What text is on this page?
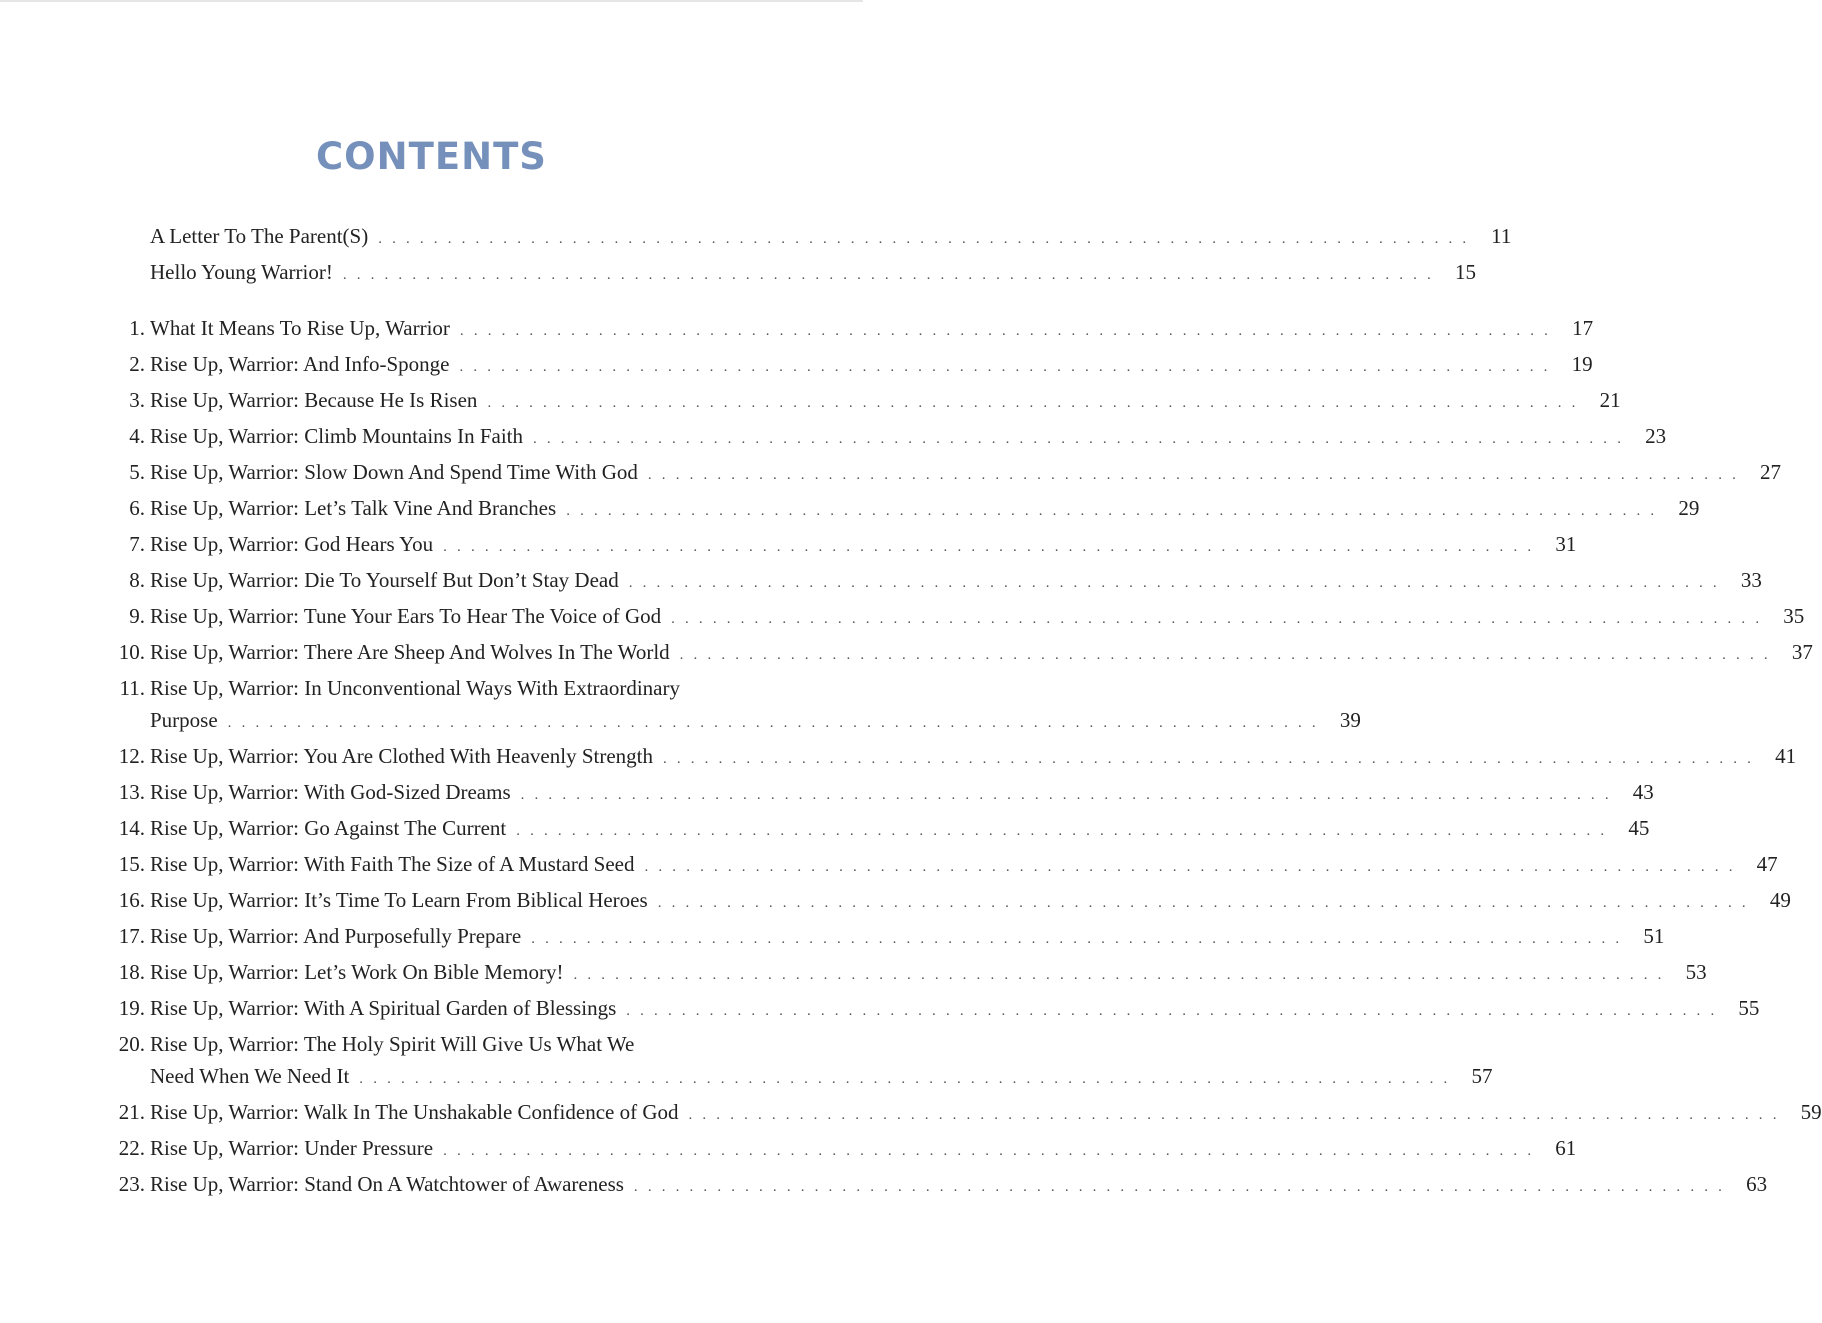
CONTENTS
A Letter To The Parent(S) . . . . . . . . . . . . . . . . . . . . . . . . . . . . . . . . . . . . . . . . . . . . . . . . . . . . . . . . . . . . . . . . . . . . . . . . . . . . . . .	11
Hello Young Warrior! . . . . . . . . . . . . . . . . . . . . . . . . . . . . . . . . . . . . . . . . . . . . . . . . . . . . . . . . . . . . . . . . . . . . . . . . . . . . . . .	15
1. What It Means To Rise Up, Warrior . . . . . . . . . . . . . . . . . . . . . . . . . . . . . . . . . . . . . . . . . . . . . . . . . . . . . . . . . . . . . . . . . . . . . . . . . . . . . . .	17
2. Rise Up, Warrior: And Info-Sponge . . . . . . . . . . . . . . . . . . . . . . . . . . . . . . . . . . . . . . . . . . . . . . . . . . . . . . . . . . . . . . . . . . . . . . . . . . . . . . .	19
3. Rise Up, Warrior: Because He Is Risen . . . . . . . . . . . . . . . . . . . . . . . . . . . . . . . . . . . . . . . . . . . . . . . . . . . . . . . . . . . . . . . . . . . . . . . . . . . . . . .	21
4. Rise Up, Warrior: Climb Mountains In Faith . . . . . . . . . . . . . . . . . . . . . . . . . . . . . . . . . . . . . . . . . . . . . . . . . . . . . . . . . . . . . . . . . . . . . . . . . . . . . . .	23
5. Rise Up, Warrior: Slow Down And Spend Time With God . . . . . . . . . . . . . . . . . . . . . . . . . . . . . . . . . . . . . . . . . . . . . . . . . . . . . . . . . . . . . . . . . . . . . . . . . . . . . . .	27
6. Rise Up, Warrior: Let’s Talk Vine And Branches . . . . . . . . . . . . . . . . . . . . . . . . . . . . . . . . . . . . . . . . . . . . . . . . . . . . . . . . . . . . . . . . . . . . . . . . . . . . . . .	29
7. Rise Up, Warrior: God Hears You . . . . . . . . . . . . . . . . . . . . . . . . . . . . . . . . . . . . . . . . . . . . . . . . . . . . . . . . . . . . . . . . . . . . . . . . . . . . . . .	31
8. Rise Up, Warrior: Die To Yourself But Don’t Stay Dead . . . . . . . . . . . . . . . . . . . . . . . . . . . . . . . . . . . . . . . . . . . . . . . . . . . . . . . . . . . . . . . . . . . . . . . . . . . . . . .	33
9. Rise Up, Warrior: Tune Your Ears To Hear The Voice of God . . . . . . . . . . . . . . . . . . . . . . . . . . . . . . . . . . . . . . . . . . . . . . . . . . . . . . . . . . . . . . . . . . . . . . . . . . . . . . .	35
10. Rise Up, Warrior: There Are Sheep And Wolves In The World . . . . . . . . . . . . . . . . . . . . . . . . . . . . . . . . . . . . . . . . . . . . . . . . . . . . . . . . . . . . . . . . . . . . . . . . . . . . . . .	37
11. Rise Up, Warrior: In Unconventional Ways With Extraordinary
Purpose . . . . . . . . . . . . . . . . . . . . . . . . . . . . . . . . . . . . . . . . . . . . . . . . . . . . . . . . . . . . . . . . . . . . . . . . . . . . . . .	39
12. Rise Up, Warrior: You Are Clothed With Heavenly Strength . . . . . . . . . . . . . . . . . . . . . . . . . . . . . . . . . . . . . . . . . . . . . . . . . . . . . . . . . . . . . . . . . . . . . . . . . . . . . . .	41
13. Rise Up, Warrior: With God-Sized Dreams . . . . . . . . . . . . . . . . . . . . . . . . . . . . . . . . . . . . . . . . . . . . . . . . . . . . . . . . . . . . . . . . . . . . . . . . . . . . . . .	43
14. Rise Up, Warrior: Go Against The Current . . . . . . . . . . . . . . . . . . . . . . . . . . . . . . . . . . . . . . . . . . . . . . . . . . . . . . . . . . . . . . . . . . . . . . . . . . . . . . .	45
15. Rise Up, Warrior: With Faith The Size of A Mustard Seed . . . . . . . . . . . . . . . . . . . . . . . . . . . . . . . . . . . . . . . . . . . . . . . . . . . . . . . . . . . . . . . . . . . . . . . . . . . . . . .	47
16. Rise Up, Warrior: It’s Time To Learn From Biblical Heroes . . . . . . . . . . . . . . . . . . . . . . . . . . . . . . . . . . . . . . . . . . . . . . . . . . . . . . . . . . . . . . . . . . . . . . . . . . . . . . .	49
17. Rise Up, Warrior: And Purposefully Prepare . . . . . . . . . . . . . . . . . . . . . . . . . . . . . . . . . . . . . . . . . . . . . . . . . . . . . . . . . . . . . . . . . . . . . . . . . . . . . . .	51
18. Rise Up, Warrior: Let’s Work On Bible Memory! . . . . . . . . . . . . . . . . . . . . . . . . . . . . . . . . . . . . . . . . . . . . . . . . . . . . . . . . . . . . . . . . . . . . . . . . . . . . . . .	53
19. Rise Up, Warrior: With A Spiritual Garden of Blessings . . . . . . . . . . . . . . . . . . . . . . . . . . . . . . . . . . . . . . . . . . . . . . . . . . . . . . . . . . . . . . . . . . . . . . . . . . . . . . .	55
20. Rise Up, Warrior: The Holy Spirit Will Give Us What We
Need When We Need It . . . . . . . . . . . . . . . . . . . . . . . . . . . . . . . . . . . . . . . . . . . . . . . . . . . . . . . . . . . . . . . . . . . . . . . . . . . . . . .	57
21. Rise Up, Warrior: Walk In The Unshakable Confidence of God . . . . . . . . . . . . . . . . . . . . . . . . . . . . . . . . . . . . . . . . . . . . . . . . . . . . . . . . . . . . . . . . . . . . . . . . . . . . . . .	59
22. Rise Up, Warrior: Under Pressure . . . . . . . . . . . . . . . . . . . . . . . . . . . . . . . . . . . . . . . . . . . . . . . . . . . . . . . . . . . . . . . . . . . . . . . . . . . . . . .	61
23. Rise Up, Warrior: Stand On A Watchtower of Awareness . . . . . . . . . . . . . . . . . . . . . . . . . . . . . . . . . . . . . . . . . . . . . . . . . . . . . . . . . . . . . . . . . . . . . . . . . . . . . . .	63
